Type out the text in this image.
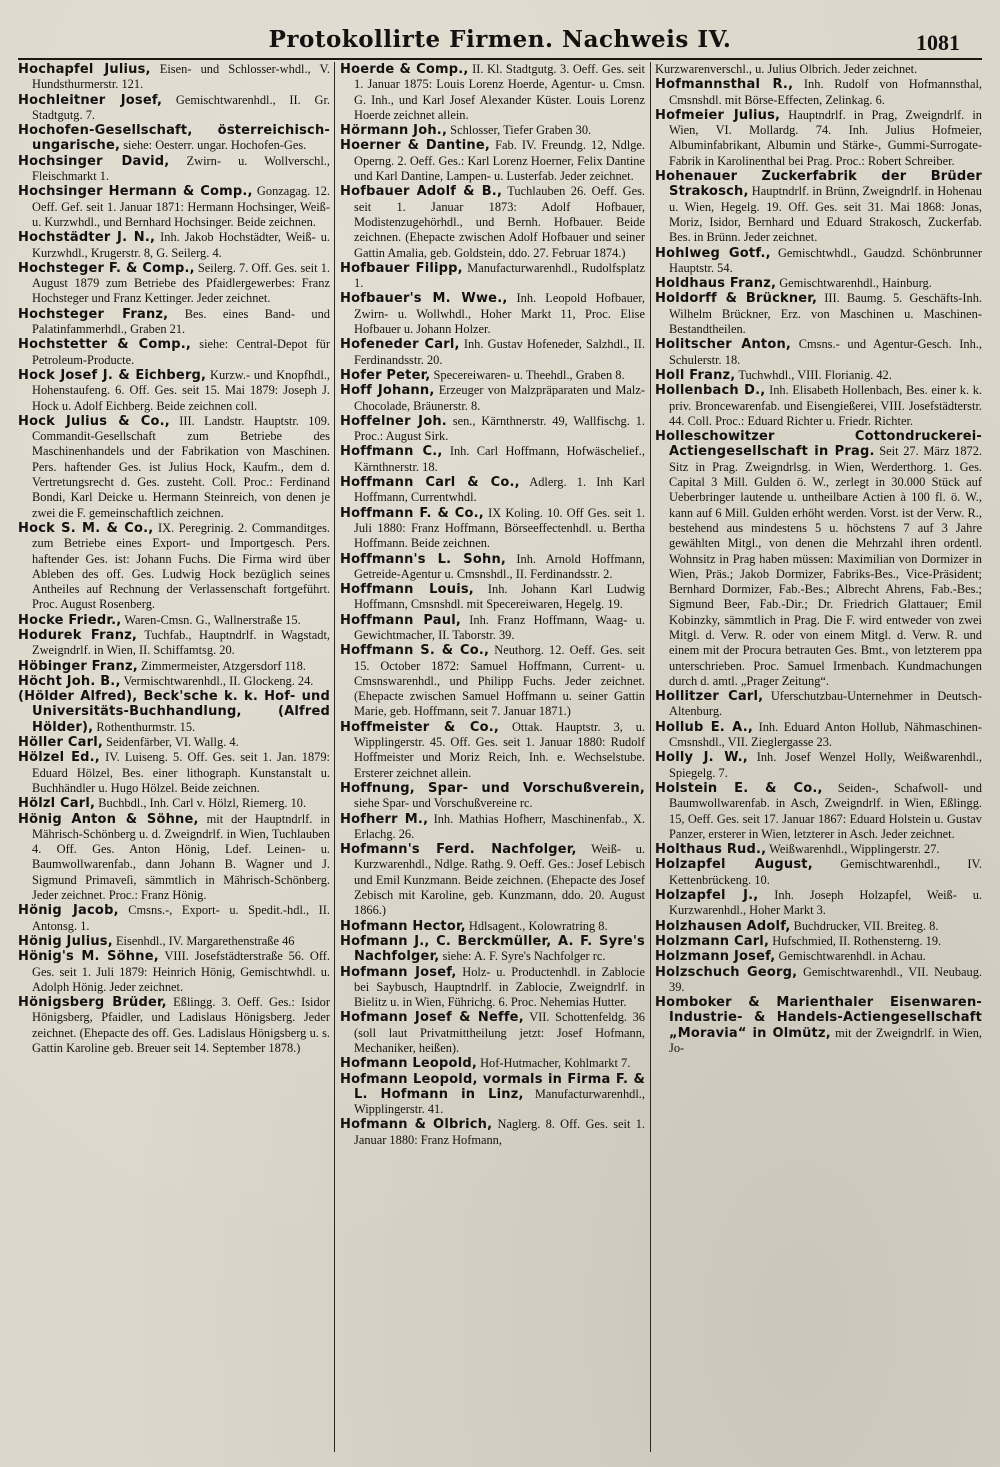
Protokollirte Firmen. Nachweis IV.	1081

Hochapfel Julius, Eisen- und Schlosser-whdl., V. Hundsthurmerstr. 121.

Hochleitner Josef, Gemischtwarenhdl., II. Gr. Stadtgutg. 7.

Hochofen-Gesellschaft, österreichisch-ungarische, siehe: Oesterr. ungar. Hochofen-Ges.

Hochsinger David, Zwirn- u. Wollverschl., Fleischmarkt 1.

Hochsinger Hermann & Comp., Gonzagag. 12. Oeff. Gef. seit 1. Januar 1871: Hermann Hochsinger, Weiß- u. Kurzwhdl., und Bernhard Hochsinger. Beide zeichnen.

Hochstädter J. N., Inh. Jakob Hochstädter, Weiß- u. Kurzwhdl., Krugerstr. 8, G. Seilerg. 4.

Hochsteger F. & Comp., Seilerg. 7. Off. Ges. seit 1. August 1879 zum Betriebe des Pfaidlergewerbes: Franz Hochsteger und Franz Kettinger. Jeder zeichnet.

Hochsteger Franz, Bes. eines Band- und Palatinfammerhdl., Graben 21.

Hochstetter & Comp., siehe: Central-Depot für Petroleum-Producte.

Hock Josef J. & Eichberg, Kurzw.- und Knopfhdl., Hohenstaufeng. 6. Off. Ges. seit 15. Mai 1879: Joseph J. Hock u. Adolf Eichberg. Beide zeichnen coll.

Hock Julius & Co., III. Landstr. Hauptstr. 109. Commandit-Gesellschaft zum Betriebe des Maschinenhandels und der Fabrikation von Maschinen. Pers. haftender Ges. ist Julius Hock, Kaufm., dem d. Vertretungsrecht d. Ges. zusteht. Coll. Proc.: Ferdinand Bondi, Karl Deicke u. Hermann Steinreich, von denen je zwei die F. gemeinschaftlich zeichnen.

Hock S. M. & Co., IX. Peregrinig. 2. Commanditges. zum Betriebe eines Export- und Importgesch. Pers. haftender Ges. ist: Johann Fuchs. Die Firma wird über Ableben des off. Ges. Ludwig Hock bezüglich seines Antheiles auf Rechnung der Verlassenschaft fortgeführt. Proc. August Rosenberg.

Hocke Friedr., Waren-Cmsn. G., Wallnerstraße 15.

Hodurek Franz, Tuchfab., Hauptndrlf. in Wagstadt, Zweigndrlf. in Wien, II. Schiffamtsg. 20.

Höbinger Franz, Zimmermeister, Atzgersdorf 118.

Höcht Joh. B., Vermischtwarenhdl., II. Glockeng. 24.

(Hölder Alfred), Beck'sche k. k. Hof- und Universitäts-Buchhandlung, (Alfred Hölder), Rothenthurmstr. 15.

Höller Carl, Seidenfärber, VI. Wallg. 4.

Hölzel Ed., IV. Luiseng. 5. Off. Ges. seit 1. Jan. 1879: Eduard Hölzel, Bes. einer lithograph. Kunstanstalt u. Buchhändler u. Hugo Hölzel. Beide zeichnen.

Hölzl Carl, Buchbdl., Inh. Carl v. Hölzl, Riemerg. 10.

Hönig Anton & Söhne, mit der Hauptndrlf. in Mährisch-Schönberg u. d. Zweigndrlf. in Wien, Tuchlauben 4. Off. Ges. Anton Hönig, Ldef. Leinen- u. Baumwollwarenfab., dann Johann B. Wagner und J. Sigmund Primaveſi, sämmtlich in Mährisch-Schönberg. Jeder zeichnet. Proc.: Franz Hönig.

Hönig Jacob, Cmsns.-, Export- u. Spedit.-hdl., II. Antonsg. 1.

Hönig Julius, Eisenhdl., IV. Margarethenstraße 46

Hönig's M. Söhne, VIII. Josefstädterstraße 56. Off. Ges. seit 1. Juli 1879: Heinrich Hönig, Gemischtwhdl. u. Adolph Hönig. Jeder zeichnet.

Hönigsberg Brüder, Eßlingg. 3. Oeff. Ges.: Isidor Hönigsberg, Pfaidler, und Ladislaus Hönigsberg. Jeder zeichnet. (Ehepacte des off. Ges. Ladislaus Hönigsberg u. s. Gattin Karoline geb. Breuer seit 14. September 1878.)

Hoerde & Comp., II. Kl. Stadtgutg. 3. Oeff. Ges. seit 1. Januar 1875: Louis Lorenz Hoerde, Agentur- u. Cmsn. G. Inh., und Karl Josef Alexander Küster. Louis Lorenz Hoerde zeichnet allein.

Hörmann Joh., Schlosser, Tiefer Graben 30.

Hoerner & Dantine, Fab. IV. Freundg. 12, Ndlge. Operng. 2. Oeff. Ges.: Karl Lorenz Hoerner, Felix Dantine und Karl Dantine, Lampen- u. Lusterfab. Jeder zeichnet.

Hofbauer Adolf & B., Tuchlauben 26. Oeff. Ges. seit 1. Januar 1873: Adolf Hofbauer, Modistenzugehörhdl., und Bernh. Hofbauer. Beide zeichnen. (Ehepacte zwischen Adolf Hofbauer und seiner Gattin Amalia, geb. Goldstein, ddo. 27. Februar 1874.)

Hofbauer Filipp, Manufacturwarenhdl., Rudolfsplatz 1.

Hofbauer's M. Wwe., Inh. Leopold Hofbauer, Zwirn- u. Wollwhdl., Hoher Markt 11, Proc. Elise Hofbauer u. Johann Holzer.

Hofeneder Carl, Inh. Gustav Hofeneder, Salzhdl., II. Ferdinandsstr. 20.

Hofer Peter, Specereiwaren- u. Theehdl., Graben 8.

Hoff Johann, Erzeuger von Malzpräparaten und Malz-Chocolade, Bräunerstr. 8.

Hoffelner Joh. sen., Kärnthnerstr. 49, Wallfischg. 1. Proc.: August Sirk.

Hoffmann C., Inh. Carl Hoffmann, Hofwäschelief., Kärnthnerstr. 18.

Hoffmann Carl & Co., Adlerg. 1. Inh Karl Hoffmann, Currentwhdl.

Hoffmann F. & Co., IX Koling. 10. Off Ges. seit 1. Juli 1880: Franz Hoffmann, Börseeffectenhdl. u. Bertha Hoffmann. Beide zeichnen.

Hoffmann's L. Sohn, Inh. Arnold Hoffmann, Getreide-Agentur u. Cmsnshdl., II. Ferdinandsstr. 2.

Hoffmann Louis, Inh. Johann Karl Ludwig Hoffmann, Cmsnshdl. mit Specereiwaren, Hegelg. 19.

Hoffmann Paul, Inh. Franz Hoffmann, Waag- u. Gewichtmacher, II. Taborstr. 39.

Hoffmann S. & Co., Neuthorg. 12. Oeff. Ges. seit 15. October 1872: Samuel Hoffmann, Current- u. Cmsnswarenhdl., und Philipp Fuchs. Jeder zeichnet. (Ehepacte zwischen Samuel Hoffmann u. seiner Gattin Marie, geb. Hoffmann, seit 7. Januar 1871.)

Hoffmeister & Co., Ottak. Hauptstr. 3, u. Wipplingerstr. 45. Off. Ges. seit 1. Januar 1880: Rudolf Hoffmeister und Moriz Reich, Inh. e. Wechselstube. Ersterer zeichnet allein.

Hoffnung, Spar- und Vorschußverein, siehe Spar- und Vorschußvereine rc.

Hofherr M., Inh. Mathias Hofherr, Maschinenfab., X. Erlachg. 26.

Hofmann's Ferd. Nachfolger, Weiß- u. Kurzwarenhdl., Ndlge. Rathg. 9. Oeff. Ges.: Josef Lebisch und Emil Kunzmann. Beide zeichnen. (Ehepacte des Josef Zebisch mit Karoline, geb. Kunzmann, ddo. 20. August 1866.)

Hofmann Hector, Hdlsagent., Kolowratring 8.

Hofmann J., C. Berckmüller, A. F. Syre's Nachfolger, siehe: A. F. Syre's Nachfolger rc.

Hofmann Josef, Holz- u. Productenhdl. in Zablocie bei Saybusch, Hauptndrlf. in Zablocie, Zweigndrlf. in Bielitz u. in Wien, Führichg. 6. Proc. Nehemias Hutter.

Hofmann Josef & Neffe, VII. Schottenfeldg. 36 (soll laut Privatmittheilung jetzt: Josef Hofmann, Mechaniker, heißen).

Hofmann Leopold, Hof-Hutmacher, Kohlmarkt 7.

Hofmann Leopold, vormals in Firma F. & L. Hofmann in Linz, Manufacturwarenhdl., Wipplingerstr. 41.

Hofmann & Olbrich, Naglerg. 8. Off. Ges. seit 1. Januar 1880: Franz Hofmann,

Kurzwarenverschl., u. Julius Olbrich. Jeder zeichnet.

Hofmannsthal R., Inh. Rudolf von Hofmannsthal, Cmsnshdl. mit Börse-Effecten, Zelinkag. 6.

Hofmeier Julius, Hauptndrlf. in Prag, Zweigndrlf. in Wien, VI. Mollardg. 74. Inh. Julius Hofmeier, Albuminfabrikant, Albumin und Stärke-, Gummi-Surrogate-Fabrik in Karolinenthal bei Prag. Proc.: Robert Schreiber.

Hohenauer Zuckerfabrik der Brüder Strakosch, Hauptndrlf. in Brünn, Zweigndrlf. in Hohenau u. Wien, Hegelg. 19. Off. Ges. seit 31. Mai 1868: Jonas, Moriz, Isidor, Bernhard und Eduard Strakosch, Zuckerfab. Bes. in Brünn. Jeder zeichnet.

Hohlweg Gotf., Gemischtwhdl., Gaudzd. Schönbrunner Hauptstr. 54.

Holdhaus Franz, Gemischtwarenhdl., Hainburg.

Holdorff & Brückner, III. Baumg. 5. Geschäfts-Inh. Wilhelm Brückner, Erz. von Maschinen u. Maschinen-Bestandtheilen.

Holitscher Anton, Cmsns.- und Agentur-Gesch. Inh., Schulerstr. 18.

Holl Franz, Tuchwhdl., VIII. Florianig. 42.

Hollenbach D., Inh. Elisabeth Hollenbach, Bes. einer k. k. priv. Broncewarenfab. und Eisengießerei, VIII. Josefstädterstr. 44. Coll. Proc.: Eduard Richter u. Friedr. Richter.

Holleschowitzer Cottondruckerei-Actiengesellschaft in Prag. Seit 27. März 1872. Sitz in Prag. Zweigndrlsg. in Wien, Werderthorg. 1. Ges. Capital 3 Mill. Gulden ö. W., zerlegt in 30.000 Stück auf Ueberbringer lautende u. untheilbare Actien à 100 fl. ö. W., kann auf 6 Mill. Gulden erhöht werden. Vorst. ist der Verw. R., bestehend aus mindestens 5 u. höchstens 7 auf 3 Jahre gewählten Mitgl., von denen die Mehrzahl ihren ordentl. Wohnsitz in Prag haben müssen: Maximilian von Dormizer in Wien, Präs.; Jakob Dormizer, Fabriks-Bes., Vice-Präsident; Bernhard Dormizer, Fab.-Bes.; Albrecht Ahrens, Fab.-Bes.; Sigmund Beer, Fab.-Dir.; Dr. Friedrich Glattauer; Emil Kobinzky, sämmtlich in Prag. Die F. wird entweder von zwei Mitgl. d. Verw. R. oder von einem Mitgl. d. Verw. R. und einem mit der Procura betrauten Ges. Bmt., von letzterem ppa unterschrieben. Proc. Samuel Irmenbach. Kundmachungen durch d. amtl. „Prager Zeitung“.

Hollitzer Carl, Uferschutzbau-Unternehmer in Deutsch-Altenburg.

Hollub E. A., Inh. Eduard Anton Hollub, Nähmaschinen-Cmsnshdl., VII. Zieglergasse 23.

Holly J. W., Inh. Josef Wenzel Holly, Weißwarenhdl., Spiegelg. 7.

Holstein E. & Co., Seiden-, Schafwoll- und Baumwollwarenfab. in Asch, Zweigndrlf. in Wien, Eßlingg. 15, Oeff. Ges. seit 17. Januar 1867: Eduard Holstein u. Gustav Panzer, ersterer in Wien, letzterer in Asch. Jeder zeichnet.

Holthaus Rud., Weißwarenhdl., Wipplingerstr. 27.

Holzapfel August, Gemischtwarenhdl., IV. Kettenbrückeng. 10.

Holzapfel J., Inh. Joseph Holzapfel, Weiß- u. Kurzwarenhdl., Hoher Markt 3.

Holzhausen Adolf, Buchdrucker, VII. Breiteg. 8.

Holzmann Carl, Hufschmied, II. Rothensterng. 19.

Holzmann Josef, Gemischtwarenhdl. in Achau.

Holzschuch Georg, Gemischtwarenhdl., VII. Neubaug. 39.

Homboker & Marienthaler Eisenwaren-Industrie- & Handels-Actiengesellschaft „Moravia“ in Olmütz, mit der Zweigndrlf. in Wien, Jo-
